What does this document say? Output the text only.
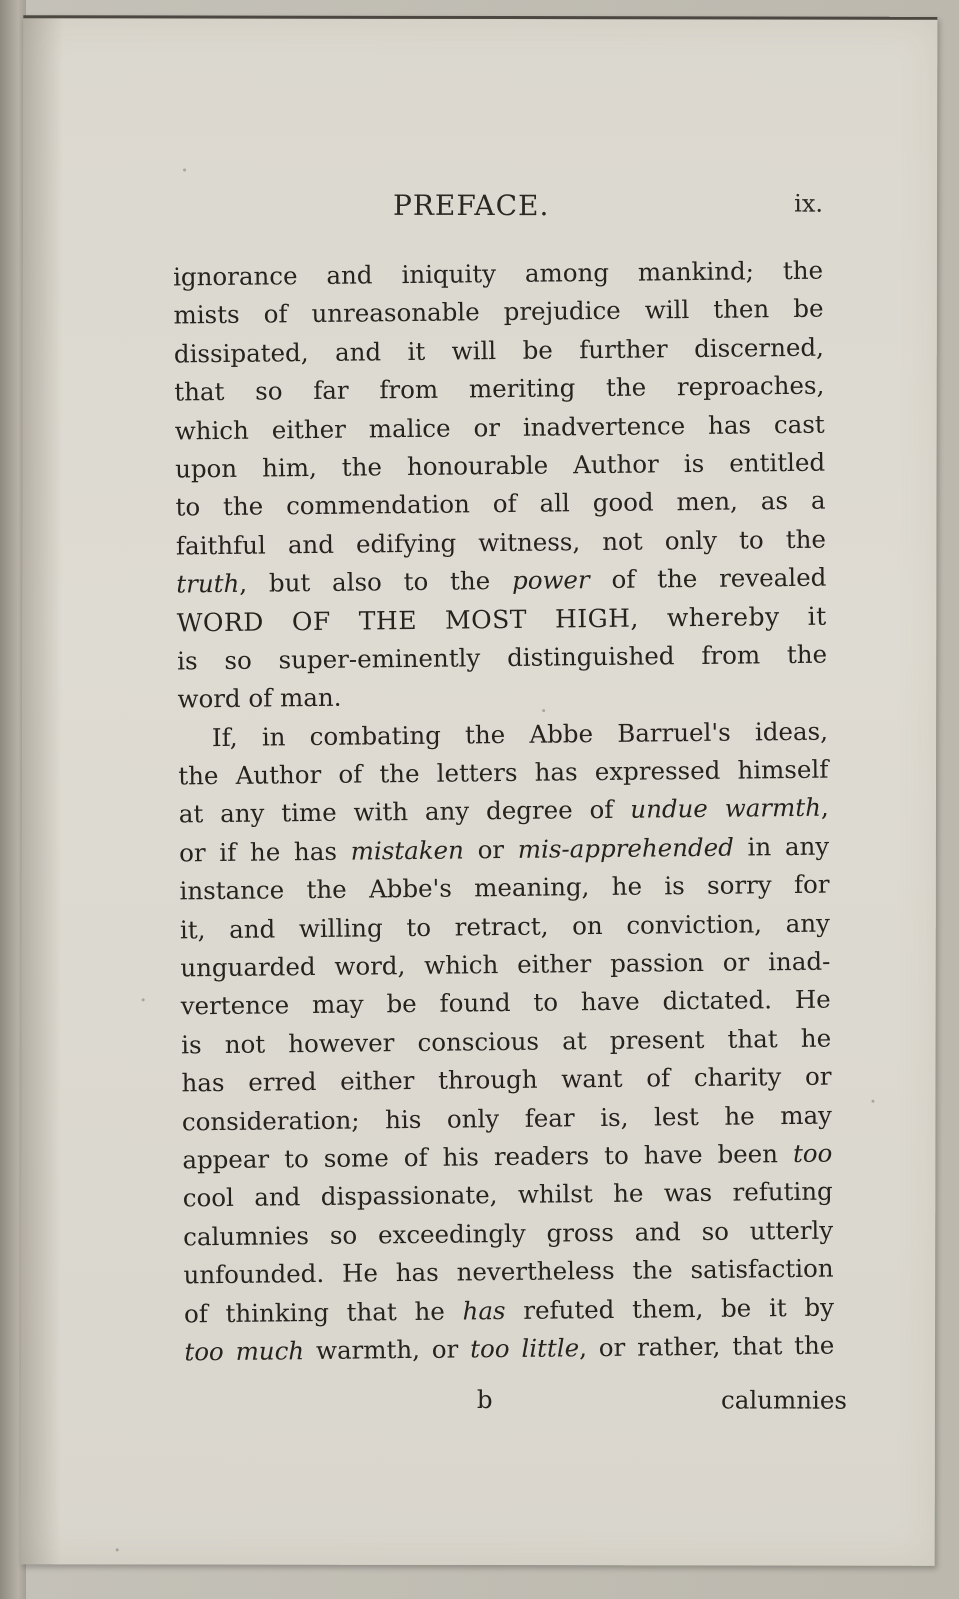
PREFACE.	ix.
ignorance and iniquity among mankind; the
mists of unreasonable prejudice will then be
dissipated, and it will be further discerned,
that so far from meriting the reproaches,
which either malice or inadvertence has cast
upon him, the honourable Author is entitled
to the commendation of all good men, as a
faithful and edifying witness, not only to the
truth, but also to the power of the revealed
WORD OF THE MOST HIGH, whereby it
is so super-eminently distinguished from the
word of man.
If, in combating the Abbe Barruel's ideas,
the Author of the letters has expressed himself
at any time with any degree of undue warmth,
or if he has mistaken or mis-apprehended in any
instance the Abbe's meaning, he is sorry for
it, and willing to retract, on conviction, any
unguarded word, which either passion or inad-
vertence may be found to have dictated. He
is not however conscious at present that he
has erred either through want of charity or
consideration; his only fear is, lest he may
appear to some of his readers to have been too
cool and dispassionate, whilst he was refuting
calumnies so exceedingly gross and so utterly
unfounded. He has nevertheless the satisfaction
of thinking that he has refuted them, be it by
too much warmth, or too little, or rather, that the
b	calumnies
